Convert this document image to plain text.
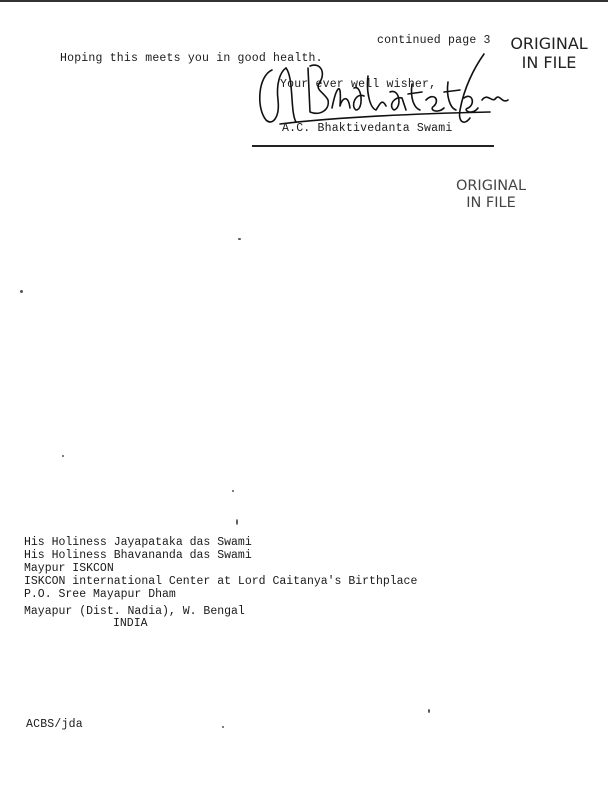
continued page 3 ORIGINAL
IN FILE
Hoping this meets you in good health.
Your ever well wisher,
A.C. Bhaktivedanta Swami
ORIGINAL
IN FILE
His Holiness Jayapataka das Swami
His Holiness Bhavananda das Swami
Maypur ISKCON
ISKCON international Center at Lord Caitanya's Birthplace
P.O. Sree Mayapur Dham
Mayapur (Dist. Nadia), W. Bengal
INDIA
ACBS/jda
